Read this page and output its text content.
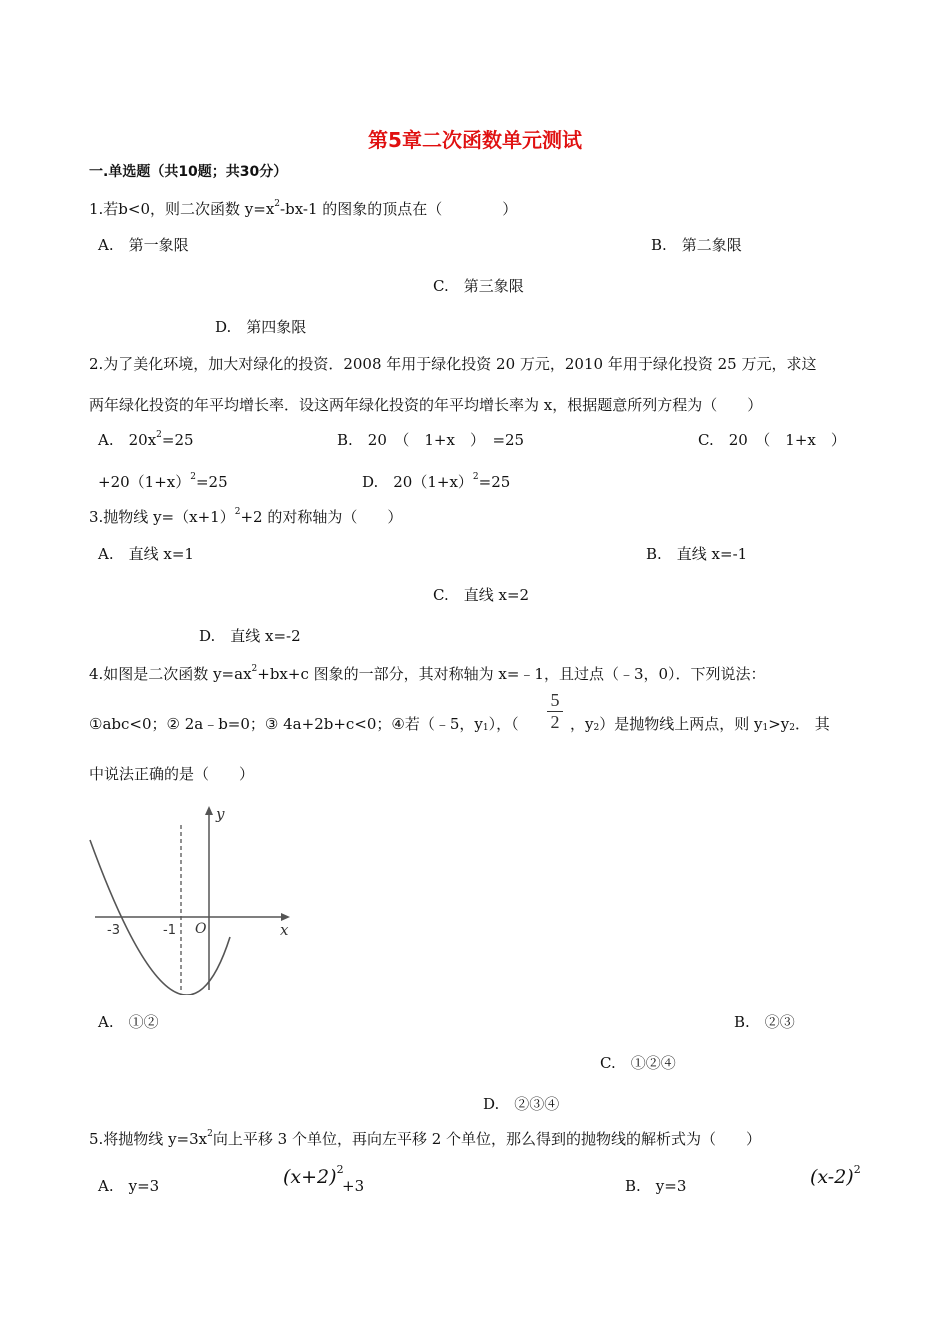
第5章二次函数单元测试
一.单选题（共10题；共30分）
1.若b<0，则二次函数 $y=x^2-bx-1$ 的图象的顶点在（　　　　）
A.　第一象限	B.　第二象限
C.　第三象限
D.　第四象限
2.为了美化环境，加大对绿化的投资．2008 年用于绿化投资 20 万元，2010 年用于绿化投资 25 万元，求这
两年绿化投资的年平均增长率．设这两年绿化投资的年平均增长率为 x，根据题意所列方程为（　　）
A.　$20x^2=25$	B.　20　（　1+x　）　=25	C.　20　（　1+x　）
$+20(1+x)^2=25$	D.　$20(1+x)^2=25$
3.抛物线 $y=(x+1)^2+2$ 的对称轴为（　　）
A.　直线 x=1	B.　直线 x=-1
C.　直线 x=2
D.　直线 x=-2
4.如图是二次函数 $y=ax^2+bx+c$ 图象的一部分，其对称轴为 x=﹣1，且过点（﹣3，0）．下列说法：
①abc<0；② 2a﹣b=0；③ 4a+2b+c<0；④若（﹣5，y1），（
5
2 ，y2）是抛物线上两点，则 y1>y2． 其
中说法正确的是（　　）
y
x
O
-3	-1
A.　①②	B.　②③
C.　①②④
D.　②③④
5.将抛物线 $y=3x^2$向上平移 3 个单位，再向左平移 2 个单位，那么得到的抛物线的解析式为（　　）
A.　y=3	$(x+2)^2$
+3	B.　y=3	$(x-2)^2$
